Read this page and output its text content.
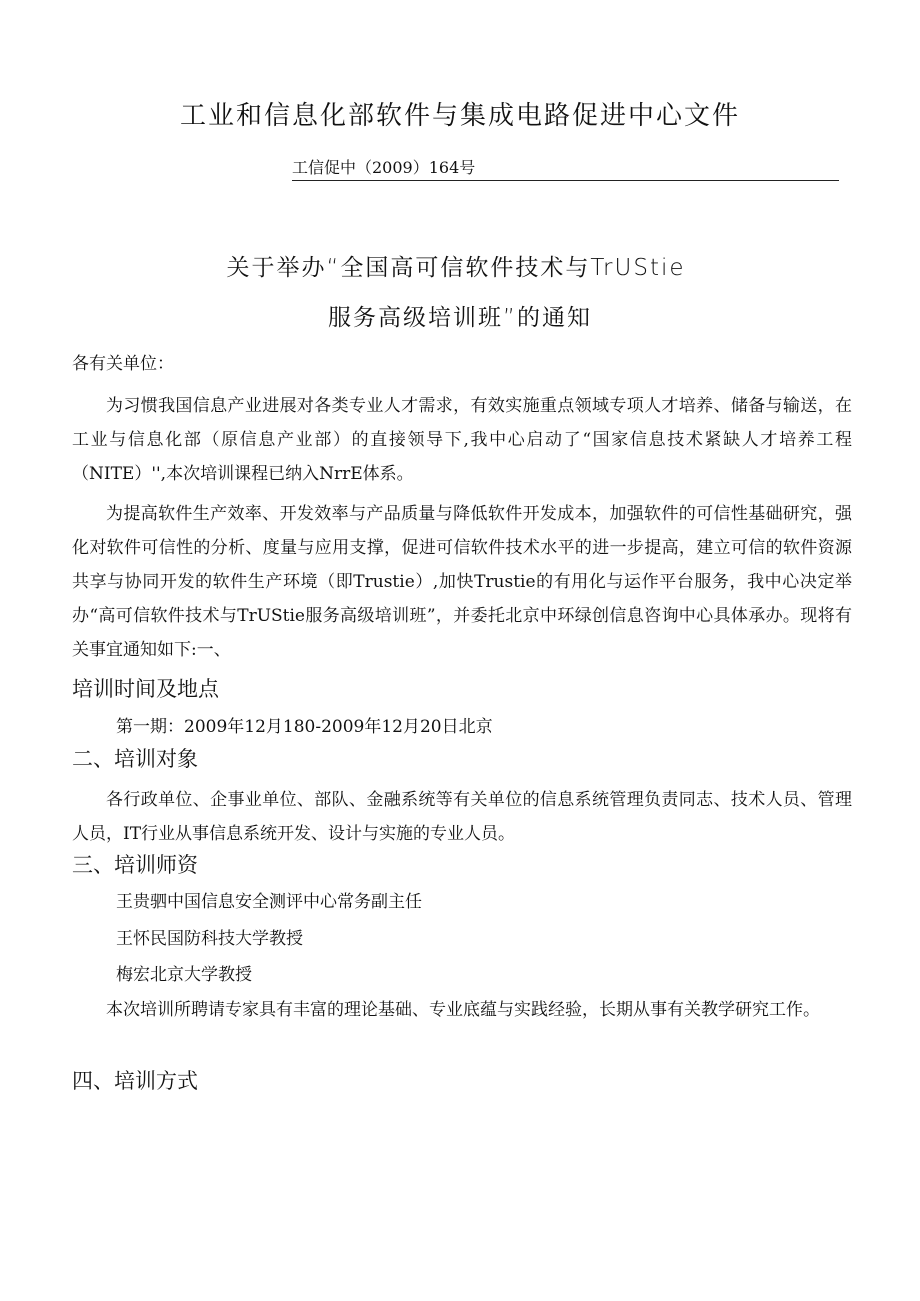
工业和信息化部软件与集成电路促进中心文件
工信促中（2009）164号
关于举办“全国高可信软件技术与TrUStie
服务高级培训班”的通知
各有关单位：
为习惯我国信息产业进展对各类专业人才需求，有效实施重点领域专项人才培养、储备与输送，在工业与信息化部（原信息产业部）的直接领导下,我中心启动了“国家信息技术紧缺人才培养工程（NITE）'',本次培训课程已纳入NrrE体系。
为提高软件生产效率、开发效率与产品质量与降低软件开发成本，加强软件的可信性基础研究，强化对软件可信性的分析、度量与应用支撑，促进可信软件技术水平的进一步提高，建立可信的软件资源共享与协同开发的软件生产环境（即Trustie）,加快Trustie的有用化与运作平台服务，我中心决定举办“高可信软件技术与TrUStie服务高级培训班”，并委托北京中环绿创信息咨询中心具体承办。现将有关事宜通知如下:一、
培训时间及地点
第一期：2009年12月180-2009年12月20日北京
二、培训对象
各行政单位、企事业单位、部队、金融系统等有关单位的信息系统管理负责同志、技术人员、管理人员，IT行业从事信息系统开发、设计与实施的专业人员。
三、培训师资
王贵驷中国信息安全测评中心常务副主任
王怀民国防科技大学教授
梅宏北京大学教授
本次培训所聘请专家具有丰富的理论基础、专业底蕴与实践经验，长期从事有关教学研究工作。
四、培训方式
